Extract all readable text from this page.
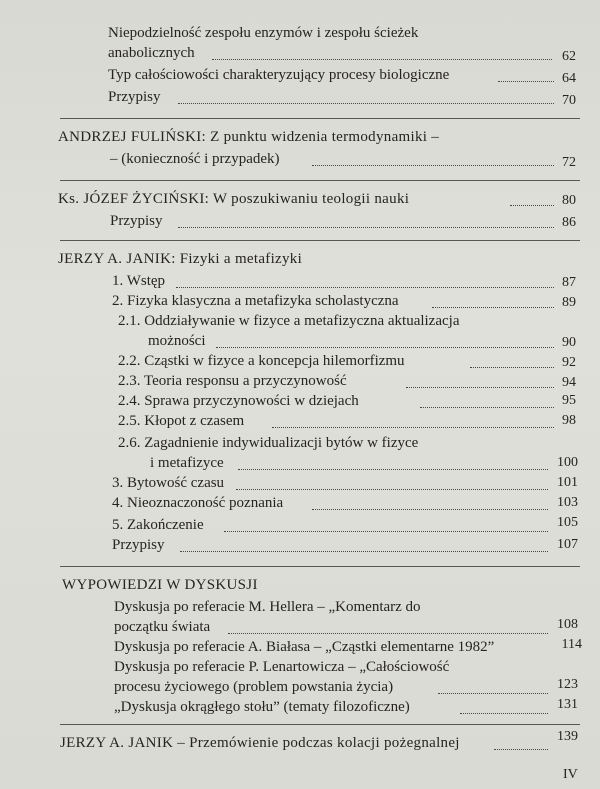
Niepodzielność zespołu enzymów i zespołu ścieżek
anabolicznych	62
Typ całościowości charakteryzujący procesy biologiczne	64
Przypisy	70
ANDRZEJ FULIŃSKI: Z punktu widzenia termodynamiki –
– (konieczność i przypadek)	72
Ks. JÓZEF ŻYCIŃSKI: W poszukiwaniu teologii nauki	80
Przypisy	86
JERZY A. JANIK: Fizyki a metafizyki
1. Wstęp	87
2. Fizyka klasyczna a metafizyka scholastyczna	89
2.1. Oddziaływanie w fizyce a metafizyczna aktualizacja
możności	90
2.2. Cząstki w fizyce a koncepcja hilemorfizmu	92
2.3. Teoria responsu a przyczynowość	94
2.4. Sprawa przyczynowości w dziejach	95
2.5. Kłopot z czasem	98
2.6. Zagadnienie indywidualizacji bytów w fizyce
i metafizyce	100
3. Bytowość czasu	101
4. Nieoznaczoność poznania	103
5. Zakończenie	105
Przypisy	107
WYPOWIEDZI W DYSKUSJI
Dyskusja po referacie M. Hellera – „Komentarz do
początku świata	108
Dyskusja po referacie A. Białasa – „Cząstki elementarne 1982”	114
Dyskusja po referacie P. Lenartowicza – „Całościowość
procesu życiowego (problem powstania życia)	123
„Dyskusja okrągłego stołu” (tematy filozoficzne)	131
JERZY A. JANIK – Przemówienie podczas kolacji pożegnalnej	139
IV
